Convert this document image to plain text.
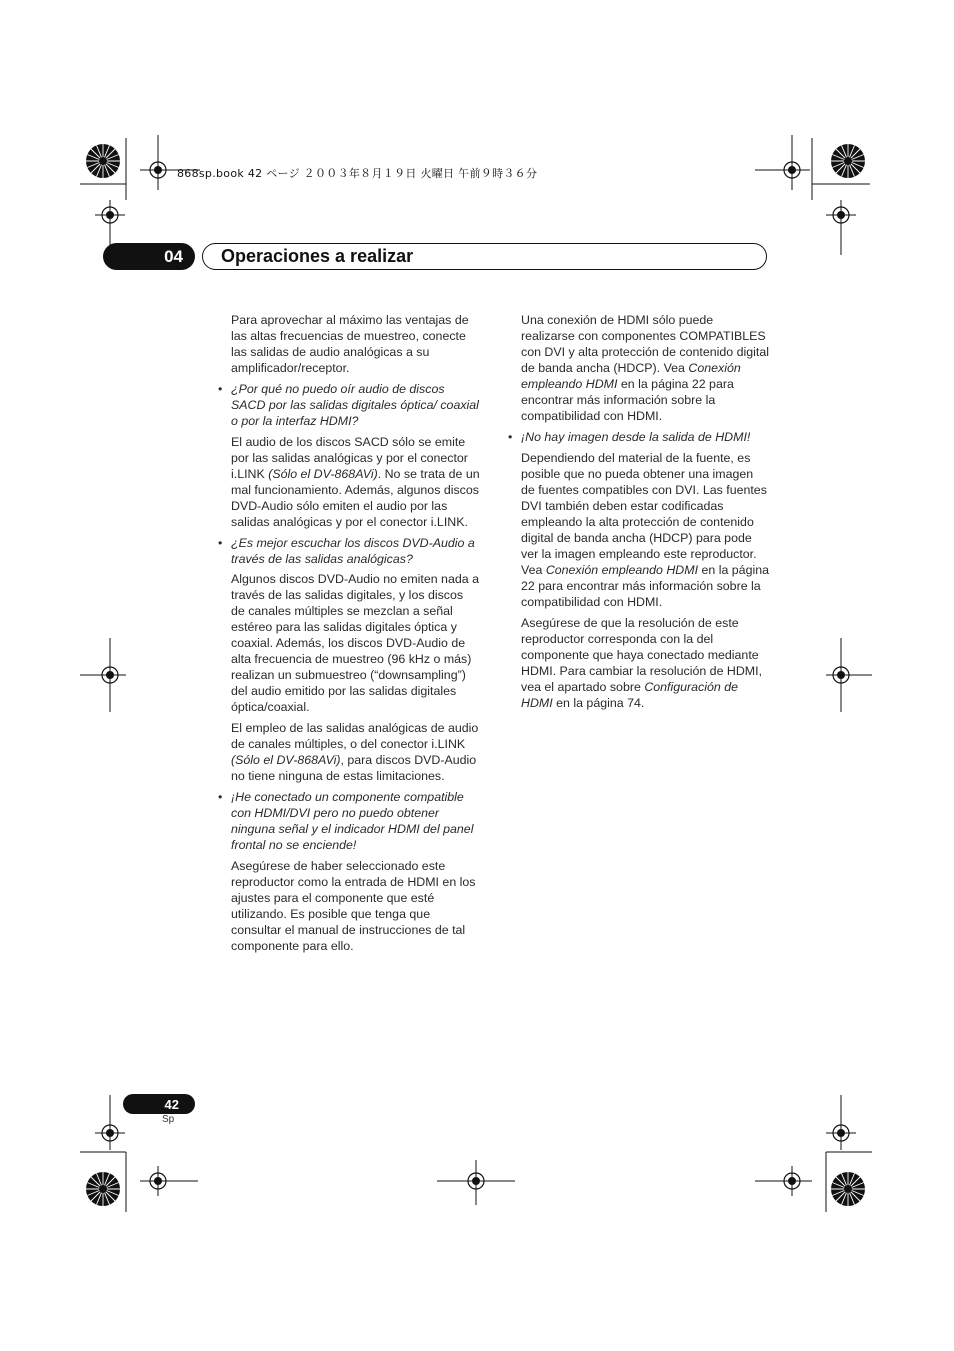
868sp.book 42 ページ ２００３年８月１９日 火曜日 午前９時３６分
04 Operaciones a realizar

Para aprovechar al máximo las ventajas de las altas frecuencias de muestreo, conecte las salidas de audio analógicas a su amplificador/receptor.

• ¿Por qué no puedo oír audio de discos SACD por las salidas digitales óptica/ coaxial o por la interfaz HDMI?

El audio de los discos SACD sólo se emite por las salidas analógicas y por el conector i.LINK (Sólo el DV-868AVi). No se trata de un mal funcionamiento. Además, algunos discos DVD-Audio sólo emiten el audio por las salidas analógicas y por el conector i.LINK.

• ¿Es mejor escuchar los discos DVD-Audio a través de las salidas analógicas?

Algunos discos DVD-Audio no emiten nada a través de las salidas digitales, y los discos de canales múltiples se mezclan a señal estéreo para las salidas digitales óptica y coaxial. Además, los discos DVD-Audio de alta frecuencia de muestreo (96 kHz o más) realizan un submuestreo (“downsampling”) del audio emitido por las salidas digitales óptica/coaxial.

El empleo de las salidas analógicas de audio de canales múltiples, o del conector i.LINK (Sólo el DV-868AVi), para discos DVD-Audio no tiene ninguna de estas limitaciones.

• ¡He conectado un componente compatible con HDMI/DVI pero no puedo obtener ninguna señal y el indicador HDMI del panel frontal no se enciende!

Asegúrese de haber seleccionado este reproductor como la entrada de HDMI en los ajustes para el componente que esté utilizando. Es posible que tenga que consultar el manual de instrucciones de tal componente para ello.

Una conexión de HDMI sólo puede realizarse con componentes COMPATIBLES con DVI y alta protección de contenido digital de banda ancha (HDCP). Vea Conexión empleando HDMI en la página 22 para encontrar más información sobre la compatibilidad con HDMI.

• ¡No hay imagen desde la salida de HDMI!

Dependiendo del material de la fuente, es posible que no pueda obtener una imagen de fuentes compatibles con DVI. Las fuentes DVI también deben estar codificadas empleando la alta protección de contenido digital de banda ancha (HDCP) para pode ver la imagen empleando este reproductor. Vea Conexión empleando HDMI en la página 22 para encontrar más información sobre la compatibilidad con HDMI.

Asegúrese de que la resolución de este reproductor corresponda con la del componente que haya conectado mediante HDMI. Para cambiar la resolución de HDMI, vea el apartado sobre Configuración de HDMI en la página 74.

42
Sp
